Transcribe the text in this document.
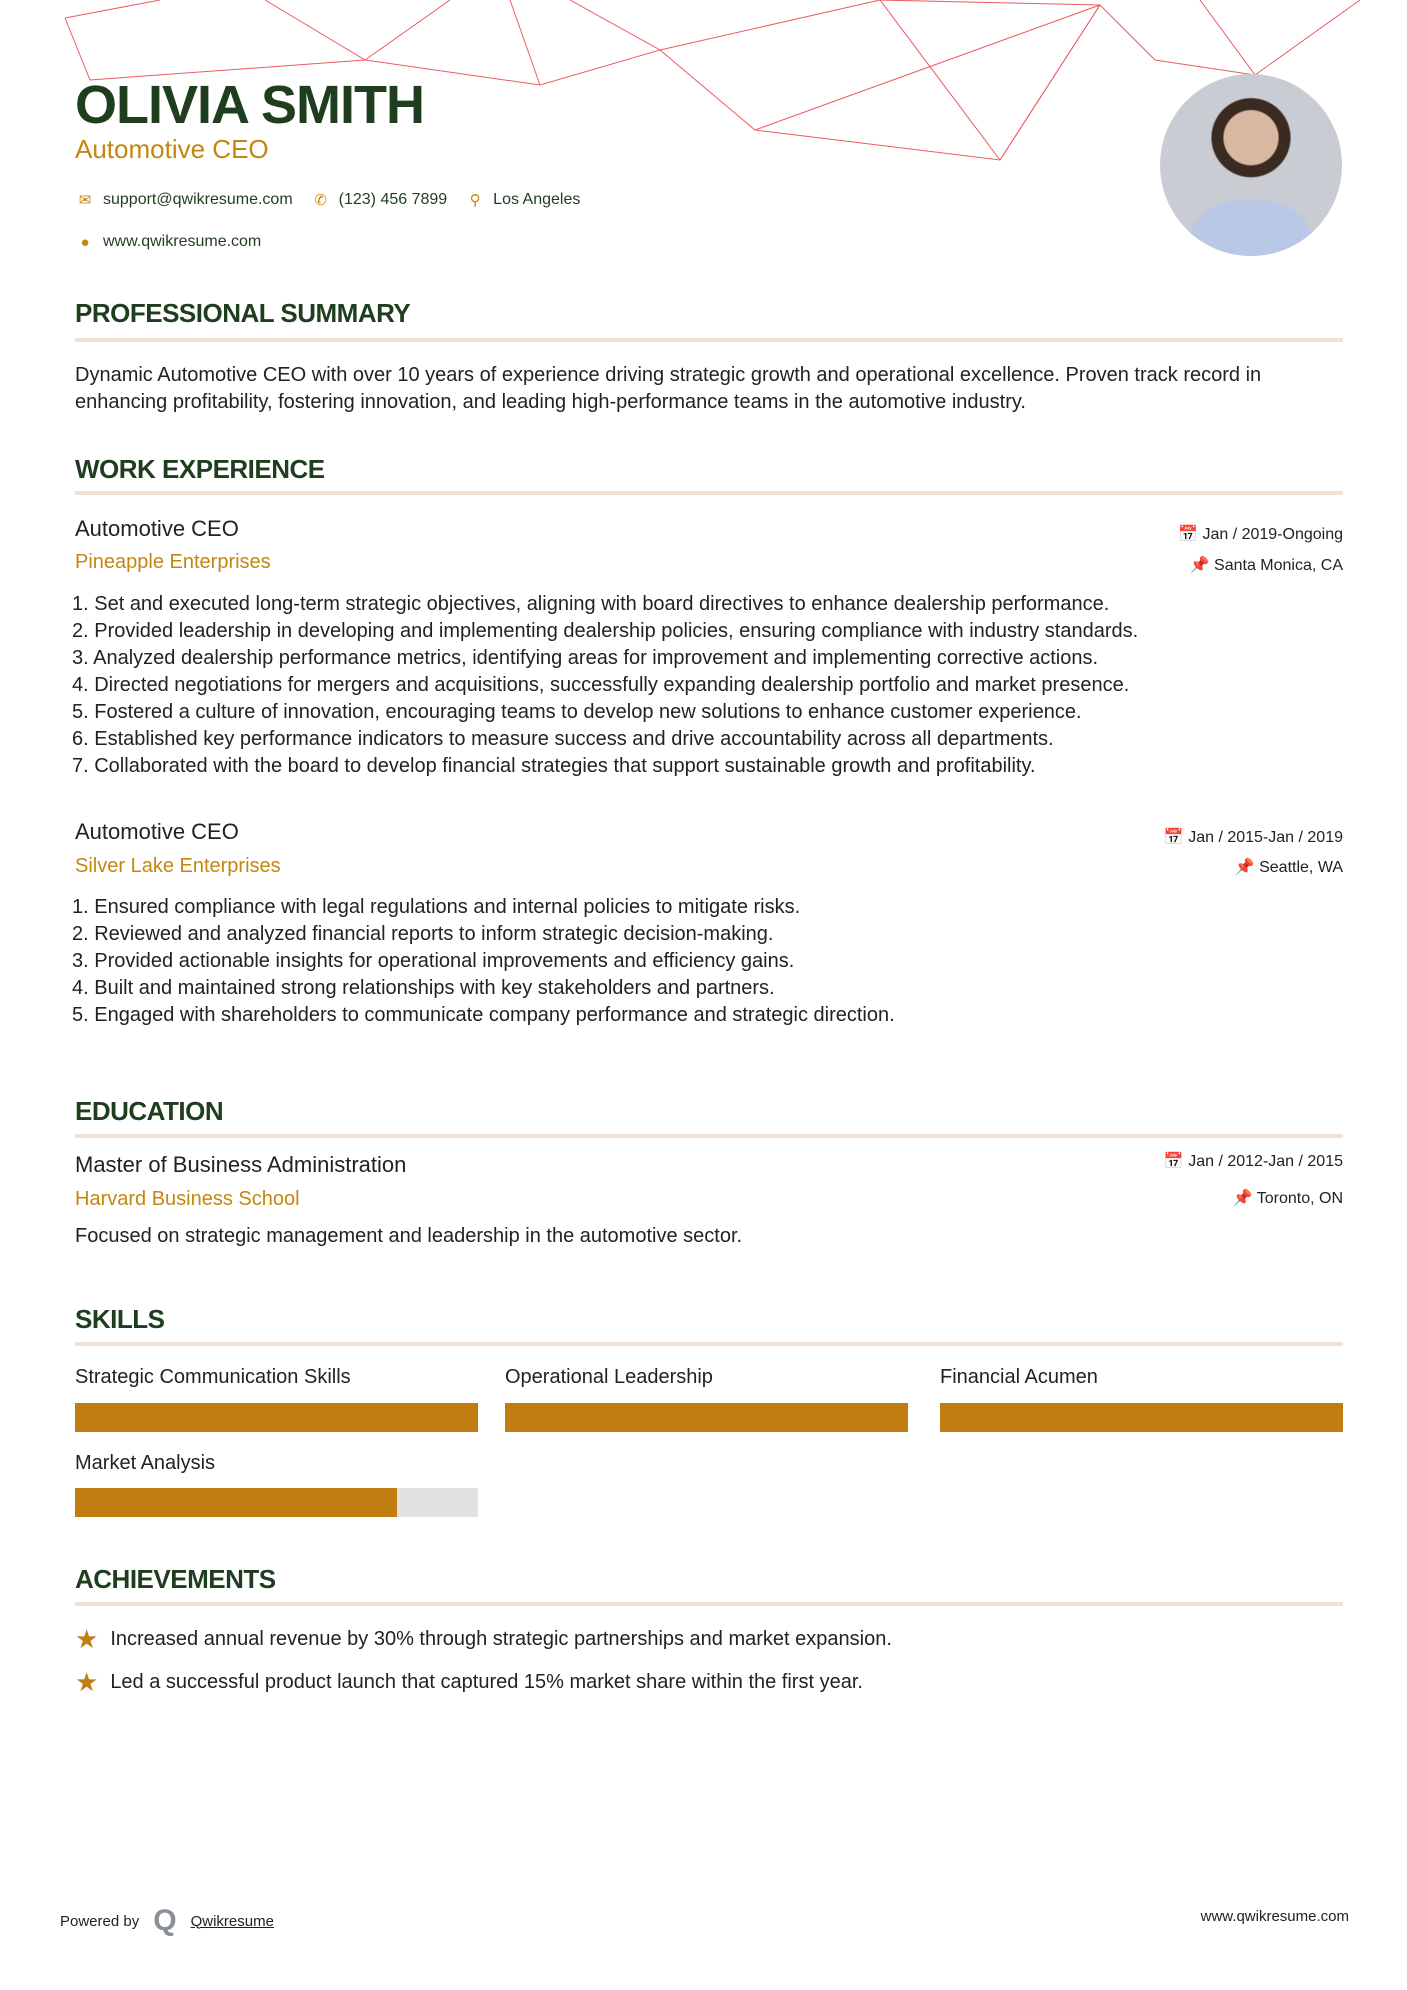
OLIVIA SMITH
Automotive CEO
✉ support@qwikresume.com ✆ (123) 456 7899	⚲ Los Angeles
● www.qwikresume.com
PROFESSIONAL SUMMARY
Dynamic Automotive CEO with over 10 years of experience driving strategic growth and operational excellence. Proven track record in enhancing profitability, fostering innovation, and leading high-performance teams in the automotive industry.
WORK EXPERIENCE
Automotive CEO
Pineapple Enterprises
📅 Jan / 2019-Ongoing
📌 Santa Monica, CA
1. Set and executed long-term strategic objectives, aligning with board directives to enhance dealership performance.
2. Provided leadership in developing and implementing dealership policies, ensuring compliance with industry standards.
3. Analyzed dealership performance metrics, identifying areas for improvement and implementing corrective actions.
4. Directed negotiations for mergers and acquisitions, successfully expanding dealership portfolio and market presence.
5. Fostered a culture of innovation, encouraging teams to develop new solutions to enhance customer experience.
6. Established key performance indicators to measure success and drive accountability across all departments.
7. Collaborated with the board to develop financial strategies that support sustainable growth and profitability.
Automotive CEO
Silver Lake Enterprises
📅 Jan / 2015-Jan / 2019
📌 Seattle, WA
1. Ensured compliance with legal regulations and internal policies to mitigate risks.
2. Reviewed and analyzed financial reports to inform strategic decision-making.
3. Provided actionable insights for operational improvements and efficiency gains.
4. Built and maintained strong relationships with key stakeholders and partners.
5. Engaged with shareholders to communicate company performance and strategic direction.
EDUCATION
Master of Business Administration
Harvard Business School
📅 Jan / 2012-Jan / 2015
📌 Toronto, ON
Focused on strategic management and leadership in the automotive sector.
SKILLS
Strategic Communication Skills	Operational Leadership	Financial Acumen
Market Analysis
ACHIEVEMENTS
★ Increased annual revenue by 30% through strategic partnerships and market expansion.
★ Led a successful product launch that captured 15% market share within the first year.
Powered by Q Qwikresume	www.qwikresume.com
